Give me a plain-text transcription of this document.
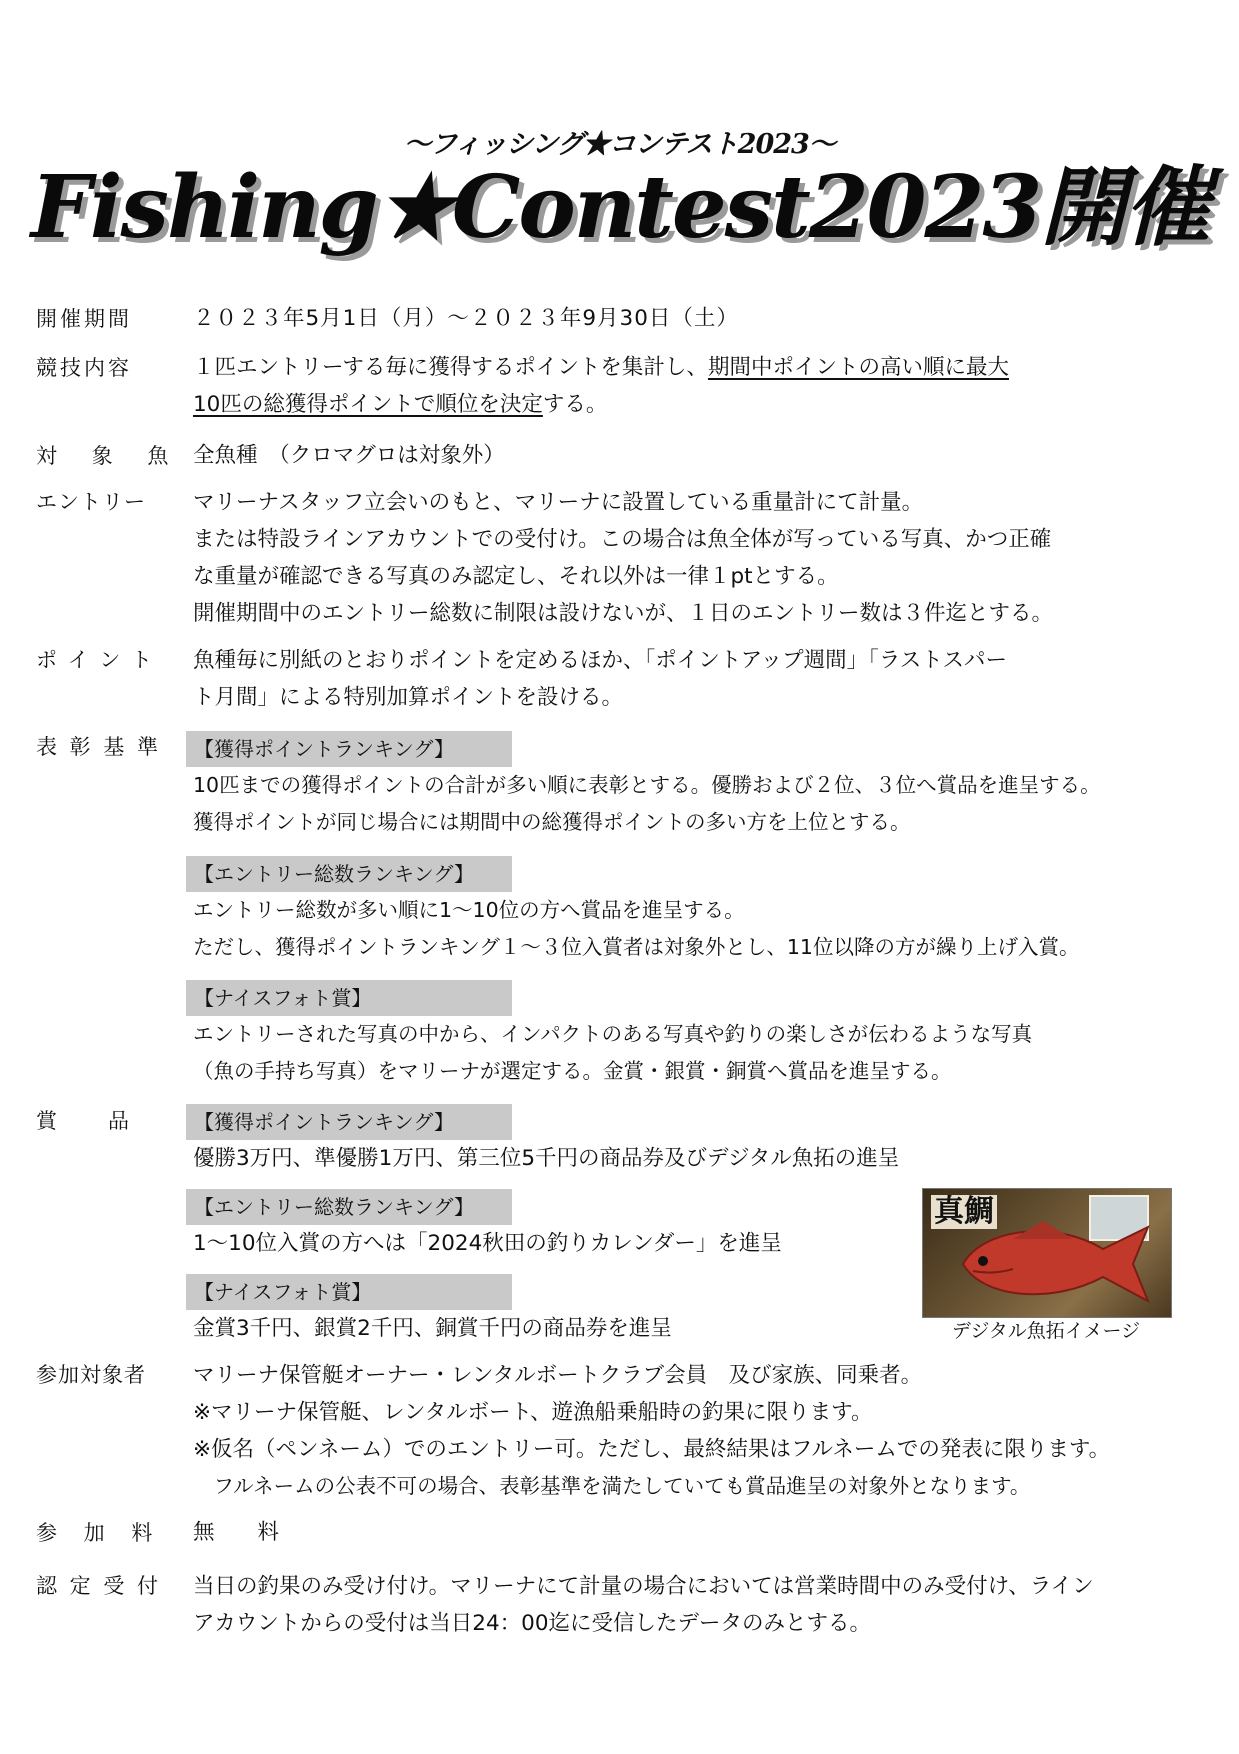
〜フィッシング★コンテスト2023〜
Fishing★Contest2023開催
開催期間	２０２３年5月1日（月）〜２０２３年9月30日（土）
競技内容	１匹エントリーする毎に獲得するポイントを集計し、期間中ポイントの高い順に最大
10匹の総獲得ポイントで順位を決定する。
対 象 魚 全魚種　（クロマグロは対象外）
エントリー マリーナスタッフ立会いのもと、マリーナに設置している重量計にて計量。
または特設ラインアカウントでの受付け。この場合は魚全体が写っている写真、かつ正確
な重量が確認できる写真のみ認定し、それ以外は一律１ptとする。
開催期間中のエントリー総数に制限は設けないが、１日のエントリー数は３件迄とする。
ポ イ ン ト 魚種毎に別紙のとおりポイントを定めるほか、「ポイントアップ週間」「ラストスパー
ト月間」による特別加算ポイントを設ける。
表 彰 基 準	【獲得ポイントランキング】
10匹までの獲得ポイントの合計が多い順に表彰とする。優勝および２位、３位へ賞品を進呈する。
獲得ポイントが同じ場合には期間中の総獲得ポイントの多い方を上位とする。
【エントリー総数ランキング】
エントリー総数が多い順に1〜10位の方へ賞品を進呈する。
ただし、獲得ポイントランキング１〜３位入賞者は対象外とし、11位以降の方が繰り上げ入賞。
【ナイスフォト賞】
エントリーされた写真の中から、インパクトのある写真や釣りの楽しさが伝わるような写真
（魚の手持ち写真）をマリーナが選定する。金賞・銀賞・銅賞へ賞品を進呈する。
賞　　品	【獲得ポイントランキング】
優勝3万円、準優勝1万円、第三位5千円の商品券及びデジタル魚拓の進呈
【エントリー総数ランキング】
1〜10位入賞の方へは「2024秋田の釣りカレンダー」を進呈
【ナイスフォト賞】
金賞3千円、銀賞2千円、銅賞千円の商品券を進呈
真鯛
デジタル魚拓イメージ
参加対象者 マリーナ保管艇オーナー・レンタルボートクラブ会員　及び家族、同乗者。
※マリーナ保管艇、レンタルボート、遊漁船乗船時の釣果に限ります。
※仮名（ペンネーム）でのエントリー可。ただし、最終結果はフルネームでの発表に限ります。
　フルネームの公表不可の場合、表彰基準を満たしていても賞品進呈の対象外となります。
参 加 料 無　　料
認 定 受 付 当日の釣果のみ受け付け。マリーナにて計量の場合においては営業時間中のみ受付け、ライン
アカウントからの受付は当日24：00迄に受信したデータのみとする。
